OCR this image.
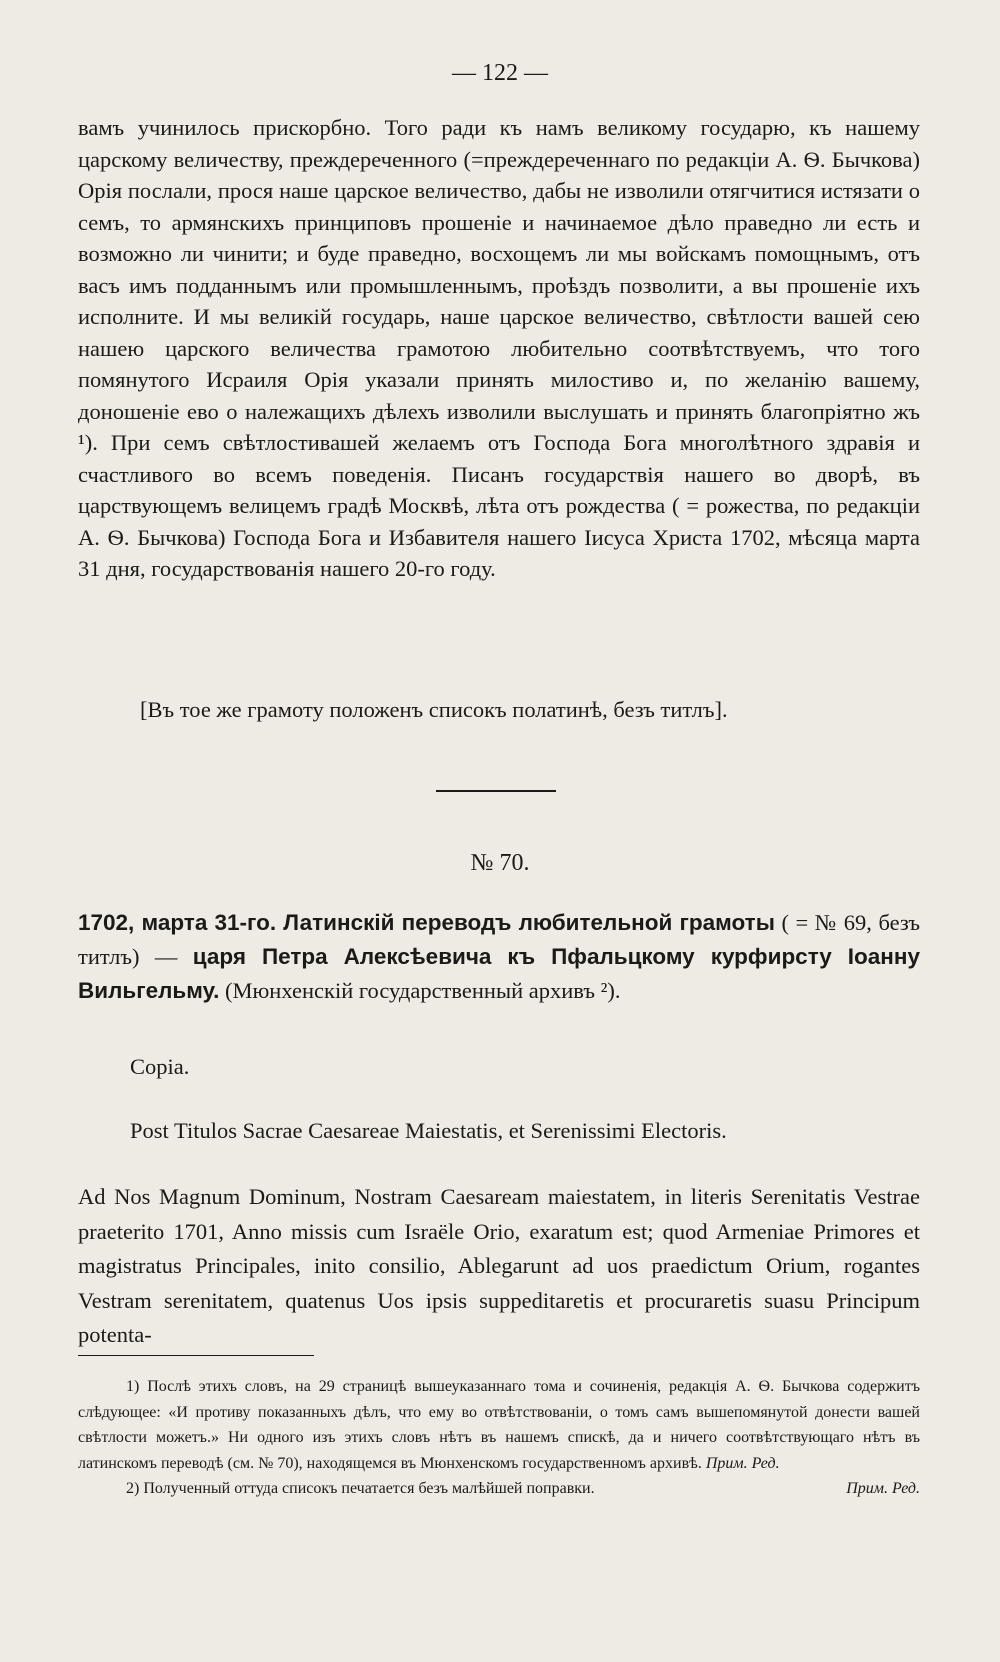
— 122 —
вамъ учинилось прискорбно. Того ради къ намъ великому государю, къ нашему царскому величеству, преждереченного (=преждереченнаго по редакціи А. Ѳ. Бычкова) Орія послали, прося наше царское величество, дабы не изволили отягчитися истязати о семъ, то армянскихъ принциповъ прошеніе и начинаемое дѣло праведно ли есть и возможно ли чинити; и буде праведно, восхощемъ ли мы войскамъ помощнымъ, отъ васъ имъ подданнымъ или промышленнымъ, проѣздъ позволити, а вы прошеніе ихъ исполните. И мы великій государь, наше царское величество, свѣтлости вашей сею нашею царского величества грамотою любительно соотвѣтствуемъ, что того помянутого Исраиля Орія указали принять милостиво и, по желанію вашему, доношеніе ево о належащихъ дѣлехъ изволили выслушать и принять благопріятно жъ ¹). При семъ свѣтлостивашей желаемъ отъ Господа Бога многолѣтного здравія и счастливого во всемъ поведенія. Писанъ государствія нашего во дворѣ, въ царствующемъ велицемъ градѣ Москвѣ, лѣта отъ рождества ( = рожества, по редакціи А. Ѳ. Бычкова) Господа Бога и Избавителя нашего Іисуса Христа 1702, мѣсяца марта 31 дня, государствованія нашего 20-го году.
[Въ тое же грамоту положенъ списокъ полатинѣ, безъ титлъ].
№ 70.
1702, марта 31-го. Латинскій переводъ любительной грамоты ( = № 69, безъ титлъ) — царя Петра Алексѣевича къ Пфальцкому курфирсту Іоанну Вильгельму. (Мюнхенскій государственный архивъ ²).
Copia.
Post Titulos Sacrae Caesareae Maiestatis, et Serenissimi Electoris.
Ad Nos Magnum Dominum, Nostram Caesaream maiestatem, in literis Serenitatis Vestrae praeterito 1701, Anno missis cum Israële Orio, exaratum est; quod Armeniae Primores et magistratus Principales, inito consilio, Ablegarunt ad uos praedictum Orium, rogantes Vestram serenitatem, quatenus Uos ipsis suppeditaretis et procuraretis suasu Principum potenta-

1) Послѣ этихъ словъ, на 29 страницѣ вышеуказаннаго тома и сочиненія, редакція А. Ѳ. Бычкова содержитъ слѣдующее: «И противу показанныхъ дѣлъ, что ему во отвѣтствованіи, о томъ самъ вышепомянутой донести вашей свѣтлости можетъ.» Ни одного изъ этихъ словъ нѣтъ въ нашемъ спискѣ, да и ничего соотвѣтствующаго нѣтъ въ латинскомъ переводѣ (см. № 70), находящемся въ Мюнхенскомъ государственномъ архивѣ. Прим. Ред.

2) Полученный оттуда списокъ печатается безъ малѣйшей поправки.	Прим. Ред.
